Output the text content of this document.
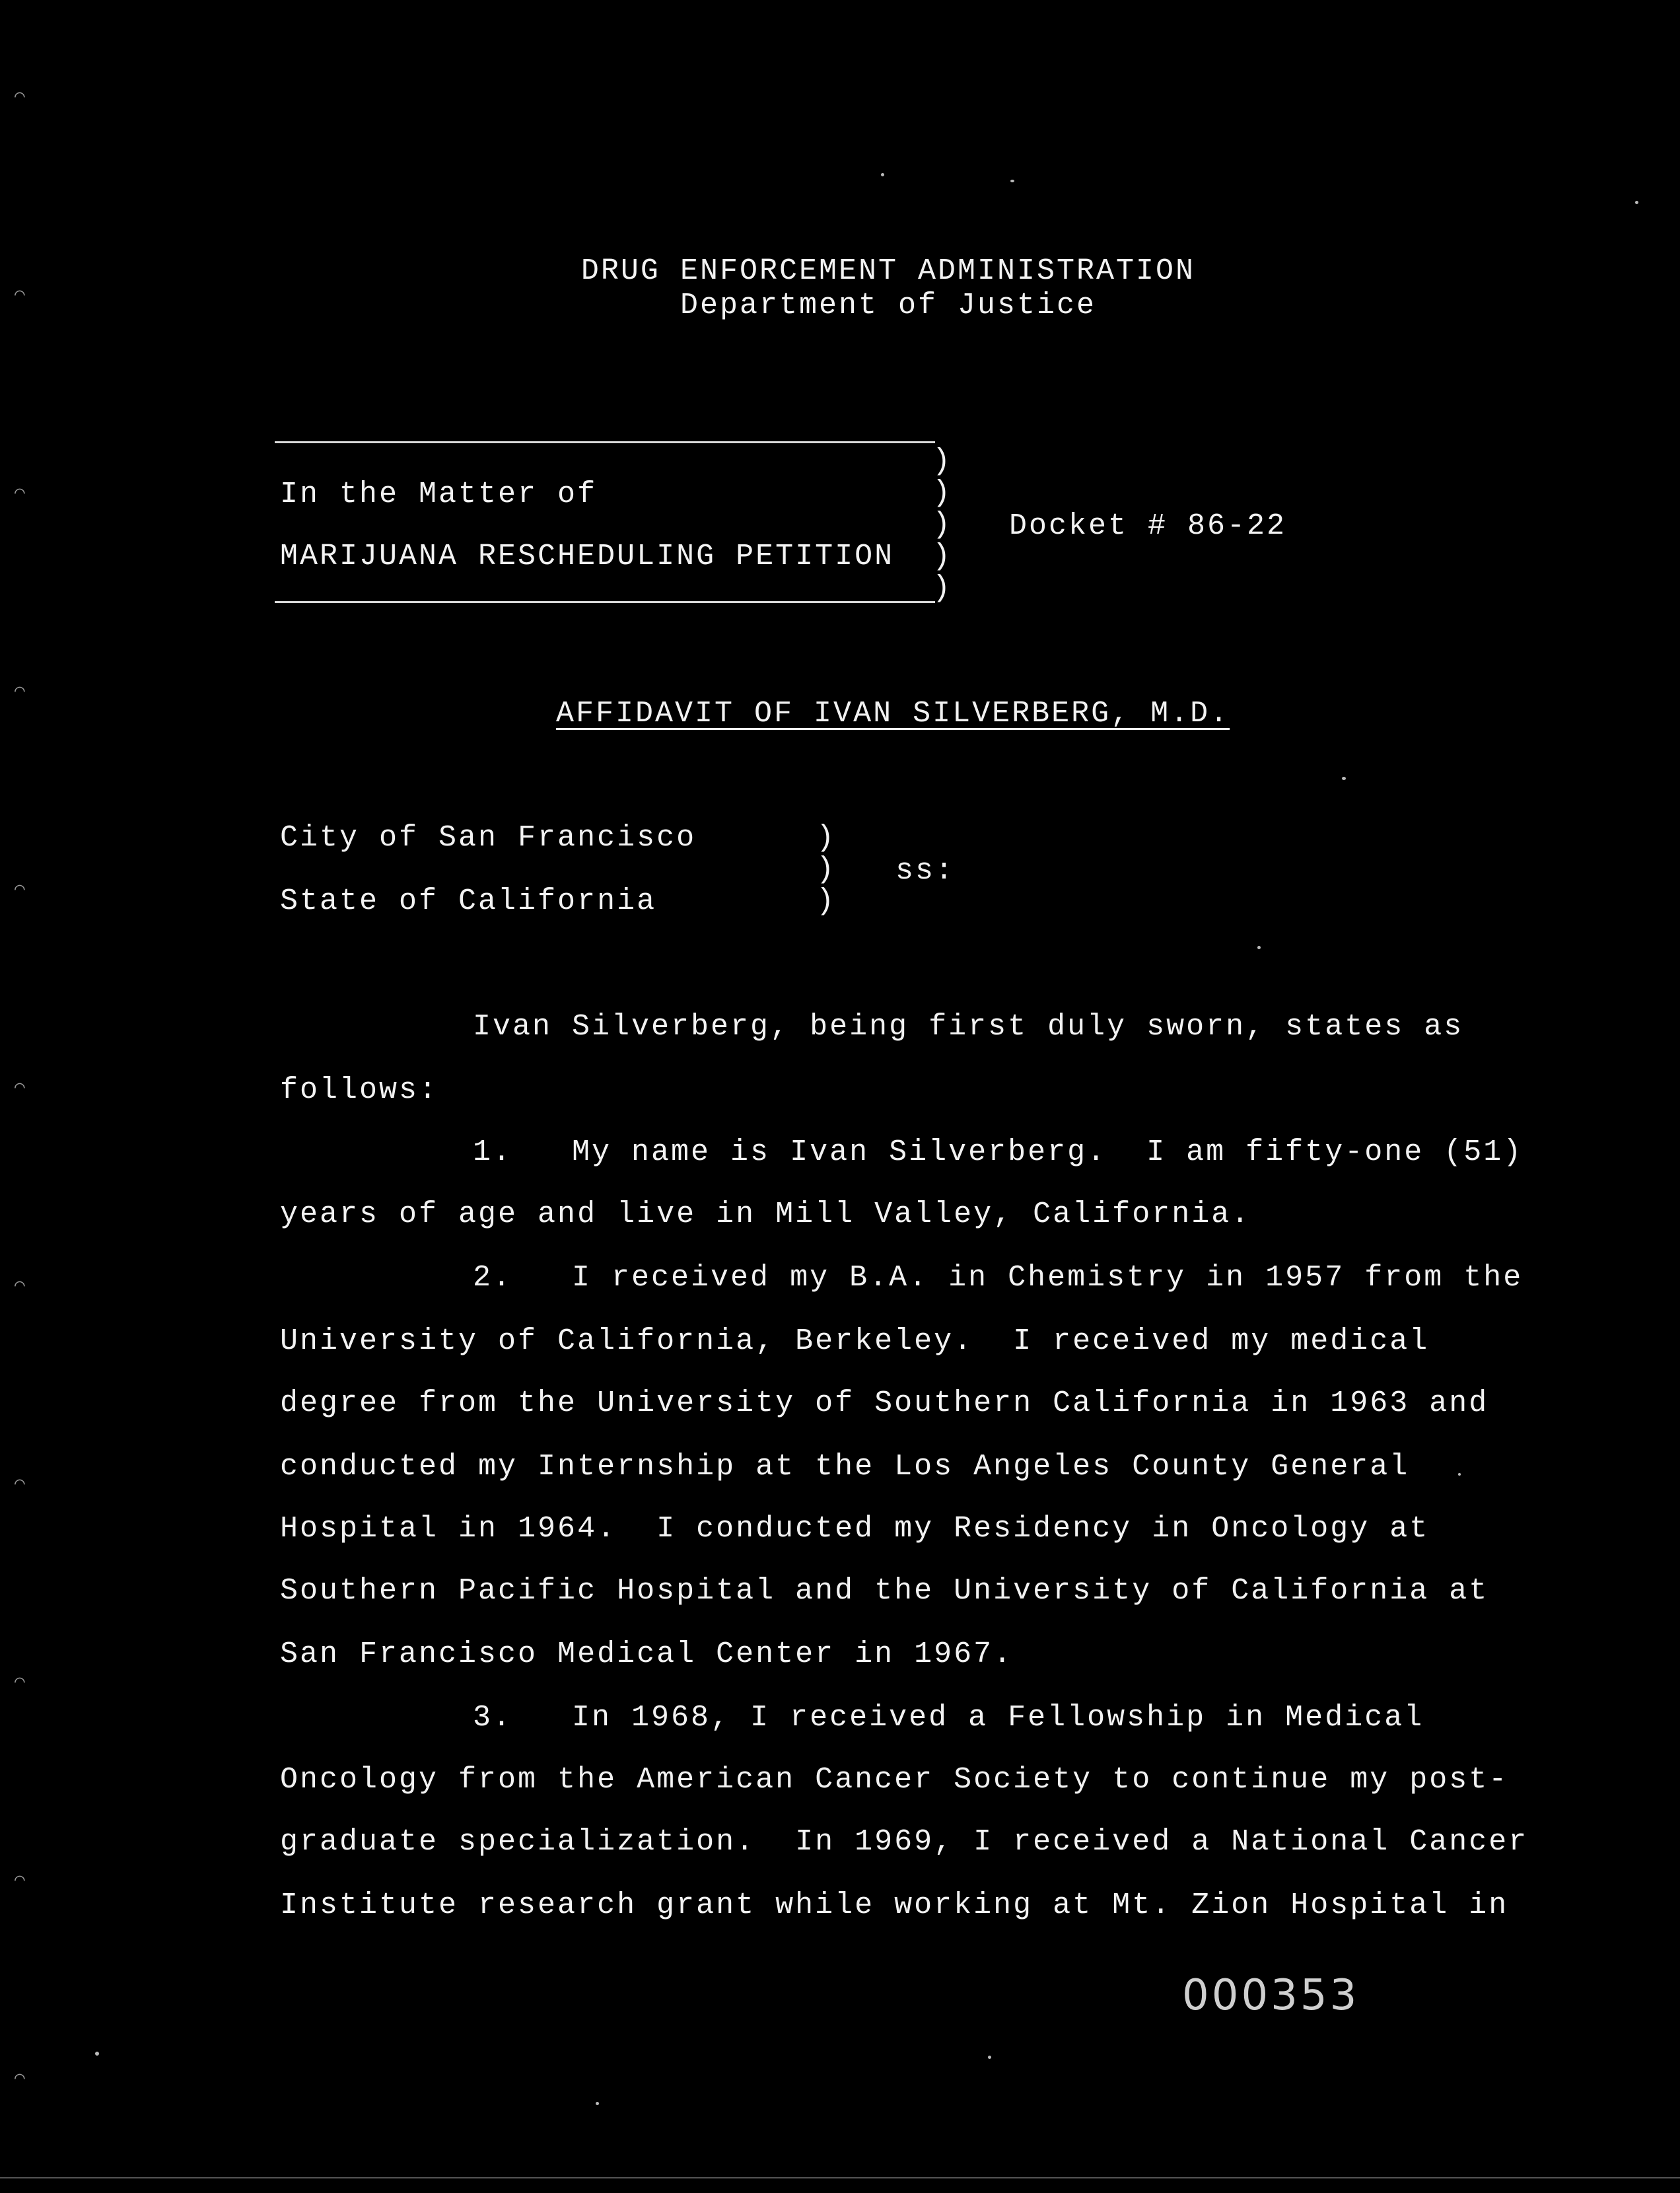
DRUG ENFORCEMENT ADMINISTRATION
Department of Justice
)
)
)
)
)
In the Matter of
MARIJUANA RESCHEDULING PETITION
Docket # 86-22
AFFIDAVIT OF IVAN SILVERBERG, M.D.
City of San Francisco
State of California
)
)
)
ss:
Ivan Silverberg, being first duly sworn, states as
follows:
1.   My name is Ivan Silverberg.  I am fifty-one (51)
years of age and live in Mill Valley, California.
2.   I received my B.A. in Chemistry in 1957 from the
University of California, Berkeley.  I received my medical
degree from the University of Southern California in 1963 and
conducted my Internship at the Los Angeles County General
Hospital in 1964.  I conducted my Residency in Oncology at
Southern Pacific Hospital and the University of California at
San Francisco Medical Center in 1967.
3.   In 1968, I received a Fellowship in Medical
Oncology from the American Cancer Society to continue my post-
graduate specialization.  In 1969, I received a National Cancer
Institute research grant while working at Mt. Zion Hospital in
000353
⌒
⌒
⌒
⌒
⌒
⌒
⌒
⌒
⌒
⌒
⌒
